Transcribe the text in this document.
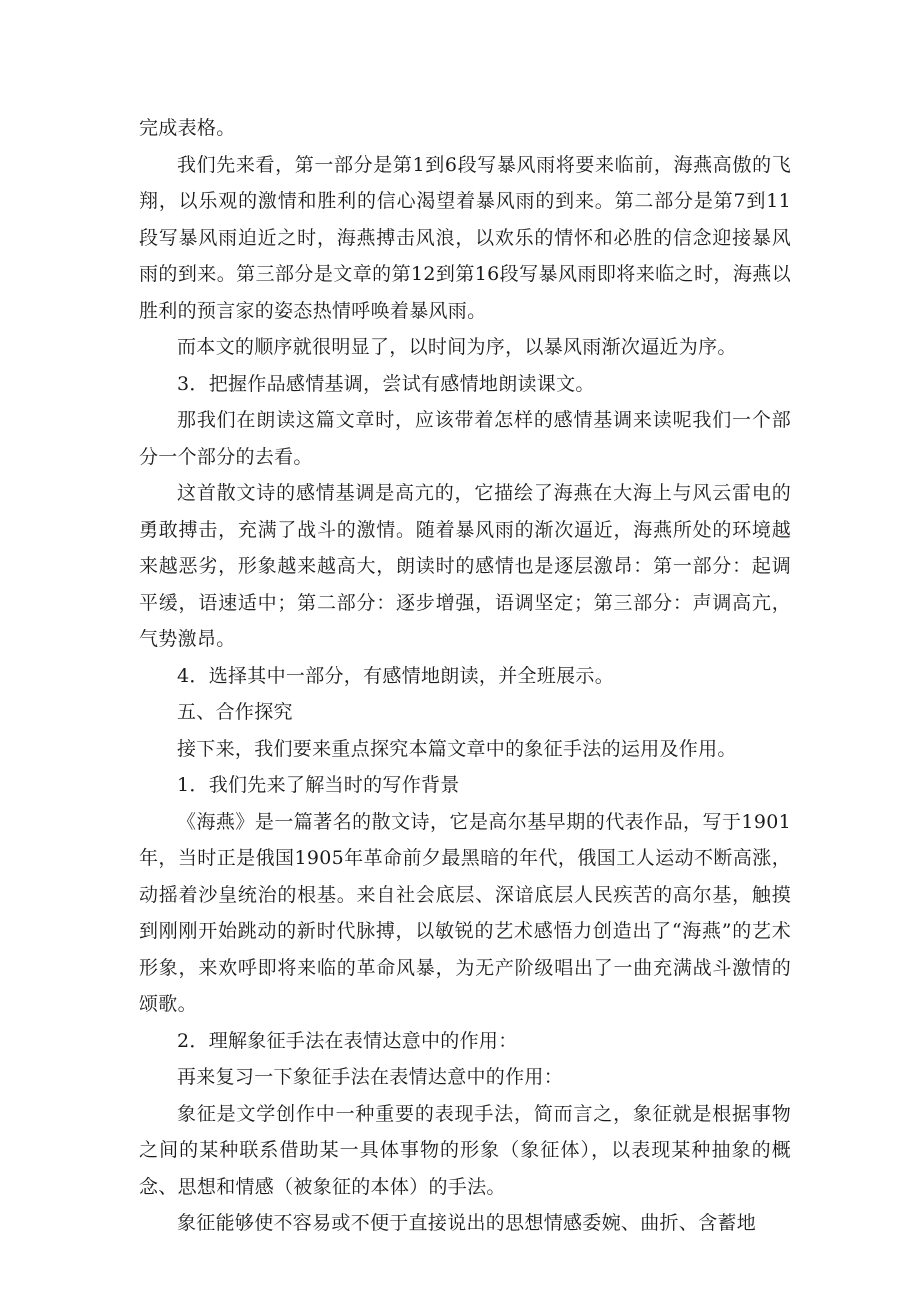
完成表格。

我们先来看，第一部分是第1到6段写暴风雨将要来临前，海燕高傲的飞翔，以乐观的激情和胜利的信心渴望着暴风雨的到来。第二部分是第7到11段写暴风雨迫近之时，海燕搏击风浪，以欢乐的情怀和必胜的信念迎接暴风雨的到来。第三部分是文章的第12到第16段写暴风雨即将来临之时，海燕以胜利的预言家的姿态热情呼唤着暴风雨。

而本文的顺序就很明显了，以时间为序，以暴风雨渐次逼近为序。

3．把握作品感情基调，尝试有感情地朗读课文。

那我们在朗读这篇文章时，应该带着怎样的感情基调来读呢我们一个部分一个部分的去看。

这首散文诗的感情基调是高亢的，它描绘了海燕在大海上与风云雷电的勇敢搏击，充满了战斗的激情。随着暴风雨的渐次逼近，海燕所处的环境越来越恶劣，形象越来越高大，朗读时的感情也是逐层激昂：第一部分：起调平缓，语速适中；第二部分：逐步增强，语调坚定；第三部分：声调高亢，气势激昂。

4．选择其中一部分，有感情地朗读，并全班展示。

五、合作探究

接下来，我们要来重点探究本篇文章中的象征手法的运用及作用。

1．我们先来了解当时的写作背景

《海燕》是一篇著名的散文诗，它是高尔基早期的代表作品，写于1901年，当时正是俄国1905年革命前夕最黑暗的年代，俄国工人运动不断高涨，动摇着沙皇统治的根基。来自社会底层、深谙底层人民疾苦的高尔基，触摸到刚刚开始跳动的新时代脉搏，以敏锐的艺术感悟力创造出了“海燕”的艺术形象，来欢呼即将来临的革命风暴，为无产阶级唱出了一曲充满战斗激情的颂歌。

2．理解象征手法在表情达意中的作用：

再来复习一下象征手法在表情达意中的作用：

象征是文学创作中一种重要的表现手法，简而言之，象征就是根据事物之间的某种联系借助某一具体事物的形象（象征体），以表现某种抽象的概念、思想和情感（被象征的本体）的手法。

象征能够使不容易或不便于直接说出的思想情感委婉、曲折、含蓄地
